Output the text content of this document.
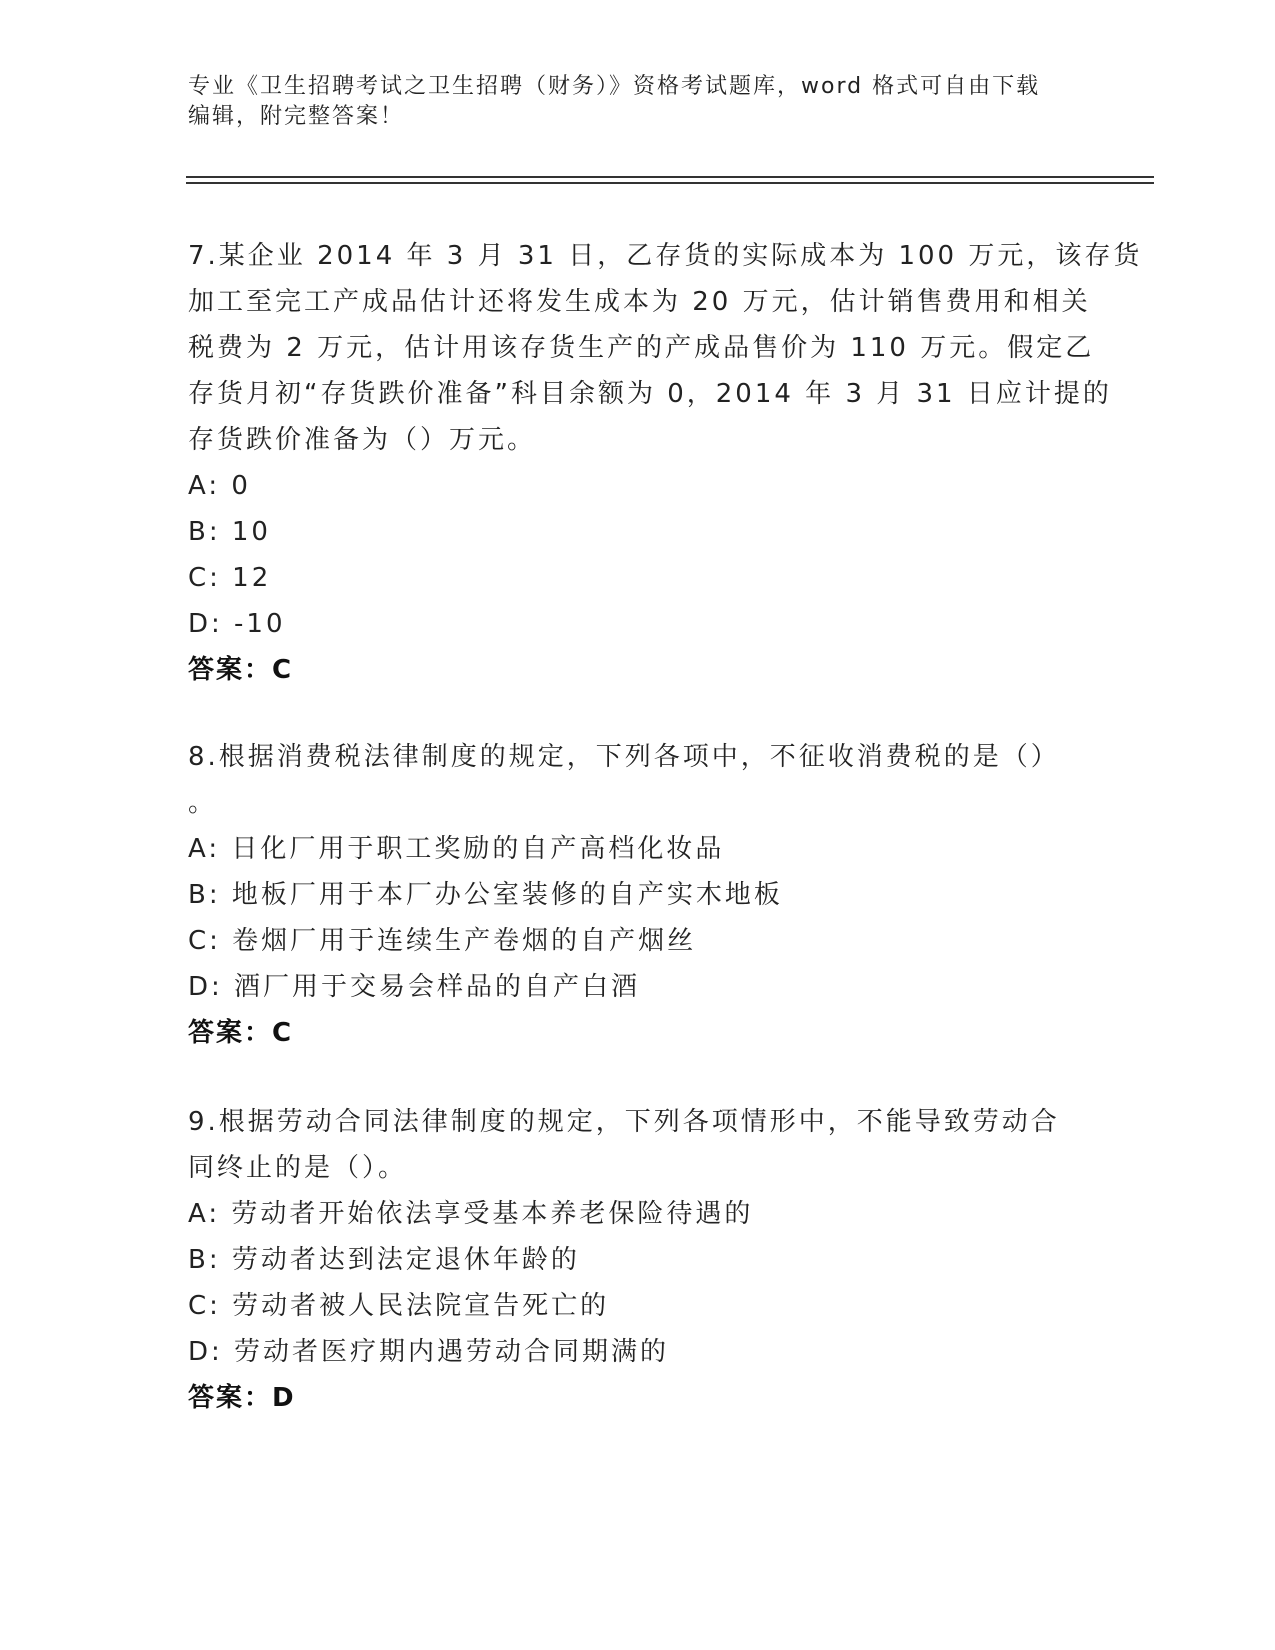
专业《卫生招聘考试之卫生招聘（财务）》资格考试题库，word 格式可自由下载
编辑，附完整答案！
7.某企业 2014 年 3 月 31 日，乙存货的实际成本为 100 万元，该存货
加工至完工产成品估计还将发生成本为 20 万元，估计销售费用和相关
税费为 2 万元，估计用该存货生产的产成品售价为 110 万元。假定乙
存货月初“存货跌价准备”科目余额为 0，2014 年 3 月 31 日应计提的
存货跌价准备为（）万元。
A: 0
B: 10
C: 12
D: -10
答案：C
8.根据消费税法律制度的规定，下列各项中，不征收消费税的是（）
。
A: 日化厂用于职工奖励的自产高档化妆品
B: 地板厂用于本厂办公室装修的自产实木地板
C: 卷烟厂用于连续生产卷烟的自产烟丝
D: 酒厂用于交易会样品的自产白酒
答案：C
9.根据劳动合同法律制度的规定，下列各项情形中，不能导致劳动合
同终止的是（）。
A: 劳动者开始依法享受基本养老保险待遇的
B: 劳动者达到法定退休年龄的
C: 劳动者被人民法院宣告死亡的
D: 劳动者医疗期内遇劳动合同期满的
答案：D
